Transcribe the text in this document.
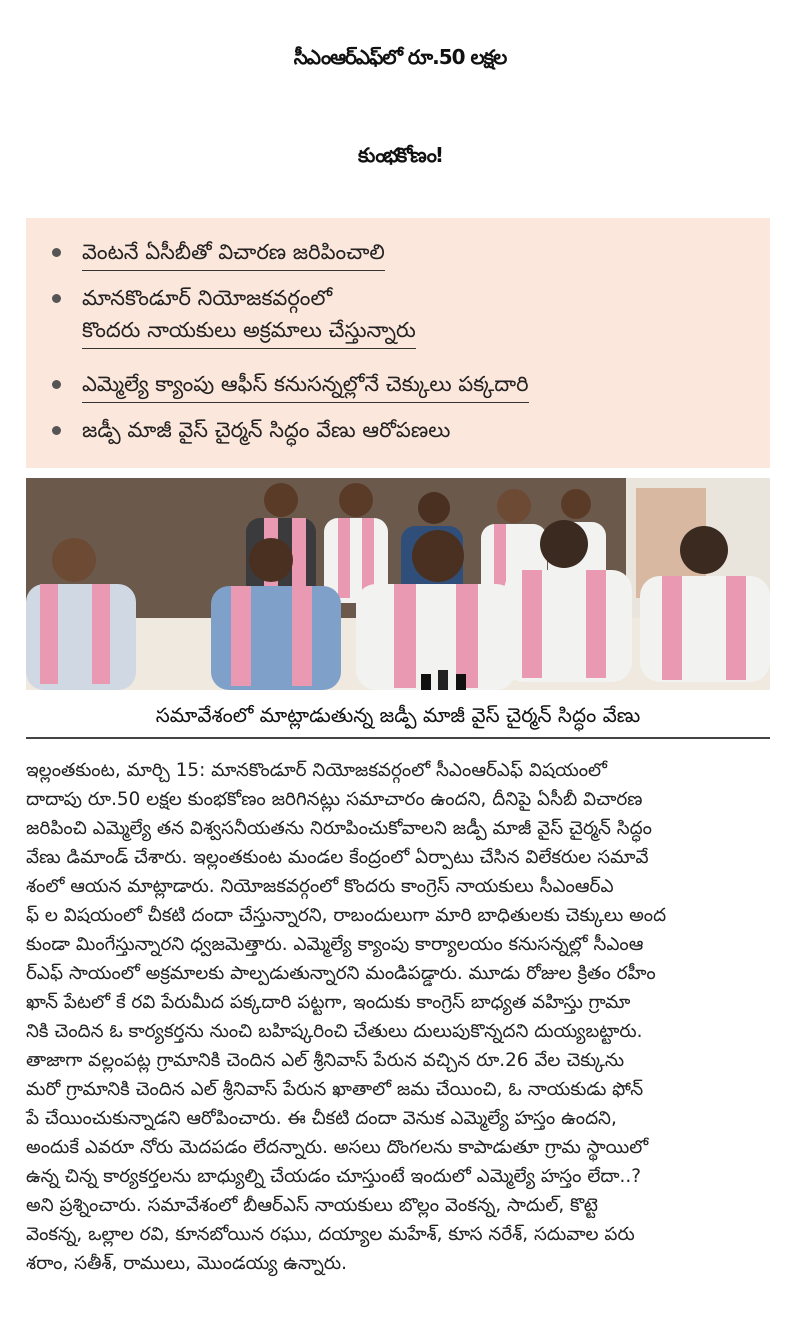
సీఎంఆర్‌ఎఫ్‌లో రూ.50 లక్షల
కుంభకోణం!
వెంటనే ఏసీబీతో విచారణ జరిపించాలి
మానకొండూర్ నియోజకవర్గంలో
కొందరు నాయకులు అక్రమాలు చేస్తున్నారు
ఎమ్మెల్యే క్యాంపు ఆఫీస్ కనుసన్నల్లోనే చెక్కులు పక్కదారి
జడ్పీ మాజీ వైస్ చైర్మన్ సిద్ధం వేణు ఆరోపణలు
సమావేశంలో మాట్లాడుతున్న జడ్పీ మాజీ వైస్ చైర్మన్ సిద్ధం వేణు

ఇల్లంతకుంట, మార్చి 15: మానకొండూర్ నియోజకవర్గంలో సీఎంఆర్ఎఫ్ విషయంలో

దాదాపు రూ.50 లక్షల కుంభకోణం జరిగినట్లు సమాచారం ఉందని, దీనిపై ఏసీబీ విచారణ

జరిపించి ఎమ్మెల్యే తన విశ్వసనీయతను నిరూపించుకోవాలని జడ్పీ మాజీ వైస్ చైర్మన్ సిద్ధం

వేణు డిమాండ్ చేశారు. ఇల్లంతకుంట మండల కేంద్రంలో ఏర్పాటు చేసిన విలేకరుల సమావే

శంలో ఆయన మాట్లాడారు. నియోజకవర్గంలో కొందరు కాంగ్రెస్ నాయకులు సీఎంఆర్ఎ

ఫ్ ల విషయంలో చీకటి దందా చేస్తున్నారని, రాబందులుగా మారి బాధితులకు చెక్కులు అంద

కుండా మింగేస్తున్నారని ధ్వజమెత్తారు. ఎమ్మెల్యే క్యాంపు కార్యాలయం కనుసన్నల్లో సీఎంఆ

ర్ఎఫ్ సాయంలో అక్రమాలకు పాల్పడుతున్నారని మండిపడ్డారు. మూడు రోజుల క్రితం రహీం

ఖాన్ పేటలో కే రవి పేరుమీద పక్కదారి పట్టగా, ఇందుకు కాంగ్రెస్ బాధ్యత వహిస్తు గ్రామా

నికి చెందిన ఓ కార్యకర్తను నుంచి బహిష్కరించి చేతులు దులుపుకొన్నదని దుయ్యబట్టారు.

తాజాగా వల్లంపట్ల గ్రామానికి చెందిన ఎల్ శ్రీనివాస్ పేరున వచ్చిన రూ.26 వేల చెక్కును

మరో గ్రామానికి చెందిన ఎల్ శ్రీనివాస్ పేరున ఖాతాలో జమ చేయించి, ఓ నాయకుడు ఫోన్

పే చేయించుకున్నాడని ఆరోపించారు. ఈ చీకటి దందా వెనుక ఎమ్మెల్యే హస్తం ఉందని,

అందుకే ఎవరూ నోరు మెదపడం లేదన్నారు. అసలు దొంగలను కాపాడుతూ గ్రామ స్థాయిలో

ఉన్న చిన్న కార్యకర్తలను బాధ్యుల్ని చేయడం చూస్తుంటే ఇందులో ఎమ్మెల్యే హస్తం లేదా..?

అని ప్రశ్నించారు. సమావేశంలో బీఆర్ఎస్ నాయకులు బొల్లం వెంకన్న, సాదుల్, కొట్టె

వెంకన్న, ఒల్లాల రవి, కూనబోయిన రఘు, దయ్యాల మహేశ్, కూస నరేశ్, సదువాల పరు

శరాం, సతీశ్, రాములు, మొండయ్య ఉన్నారు.
